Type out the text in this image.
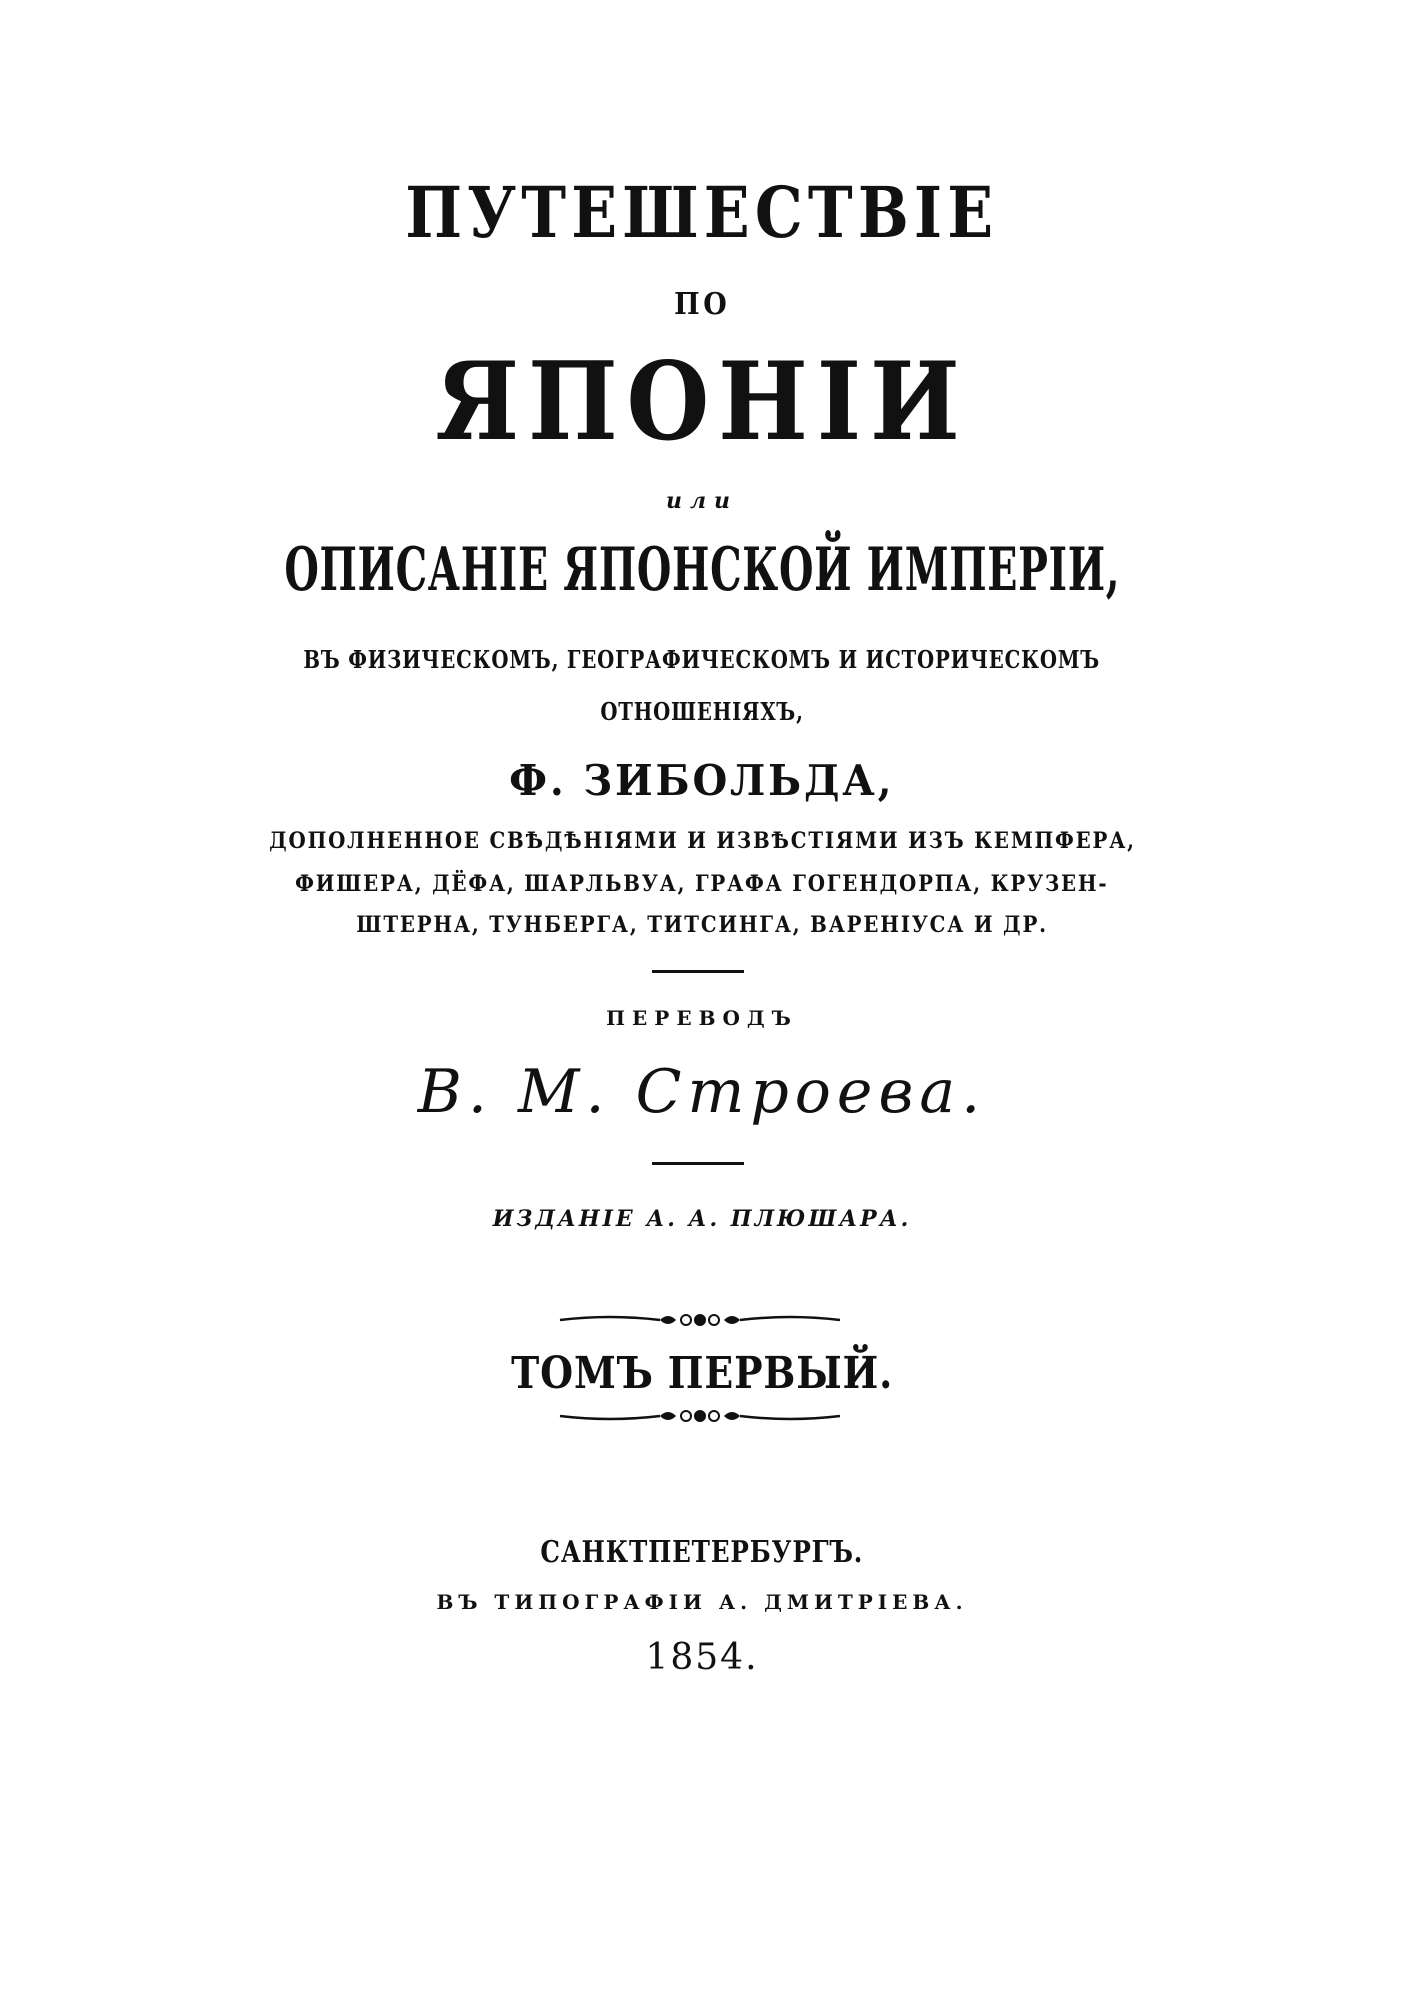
ПУТЕШЕСТВІЕ
ПО
ЯПОНІИ
или
ОПИСАНІЕ ЯПОНСКОЙ ИМПЕРІИ,
ВЪ ФИЗИЧЕСКОМЪ, ГЕОГРАФИЧЕСКОМЪ И ИСТОРИЧЕСКОМЪ
ОТНОШЕНІЯХЪ,
Ф. ЗИБОЛЬДА,
ДОПОЛНЕННОЕ СВѢДѢНІЯМИ И ИЗВѢСТІЯМИ ИЗЪ КЕМПФЕРА,
ФИШЕРА, ДЁФА, ШАРЛЬВУА, ГРАФА ГОГЕНДОРПА, КРУЗЕН-
ШТЕРНА, ТУНБЕРГА, ТИТСИНГА, ВАРЕНІУСА И ДР.
ПЕРЕВОДЪ
В. М. Строева.
ИЗДАНІЕ А. А. ПЛЮШАРА.
ТОМЪ ПЕРВЫЙ.
САНКТПЕТЕРБУРГЪ.
ВЪ ТИПОГРАФІИ А. ДМИТРІЕВА.
1854.
